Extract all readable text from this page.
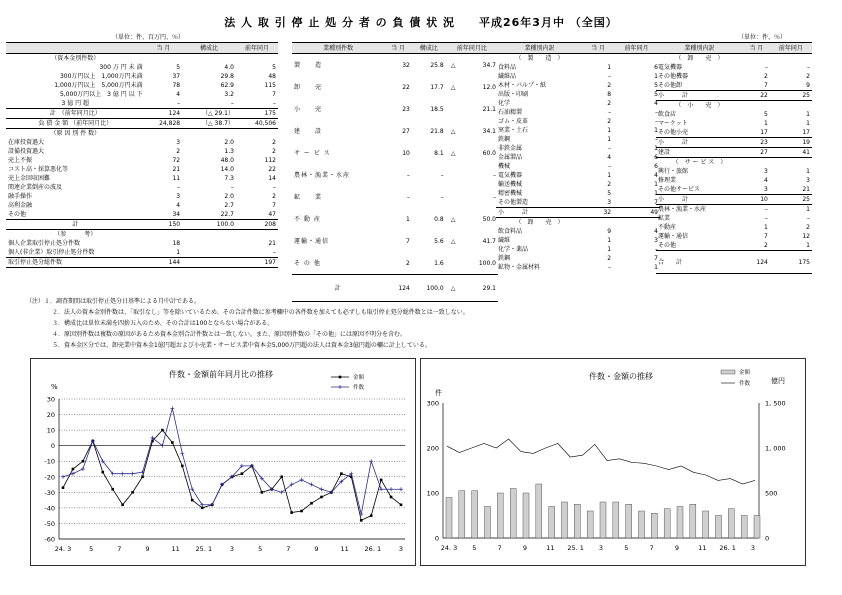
法 人 取 引 停 止 処 分 者 の 負 債 状 況　　平成26年3月中 （全国）
（単位：件、百万円、％）	（単位：件、％）
	当 月	構成比	前年同月
（資本金別件数）			
300 万 円 未 満	5	4.0	5
300万円以上　1,000万円未満	37	29.8	48
1,000万円以上　5,000万円未満	78	62.9	115
5,000万円以上　3 億 円 以 下	4	3.2	7
3 億 円 超	–	–	–
計　（前年同月比）	124	（△ 29.1）	175
負 債 金 額 （前年同月比）	24,828	（△ 38.7）	40,506
（原 因 別 件 数）			
在庫投資過大	3	2.0	2
設備投資過大	2	1.3	2
売上不振	72	48.0	112
コスト高・採算悪化等	21	14.0	22
売上金回収困難	11	7.3	14
関連企業倒産の波及	–	–	–
融手操作	3	2.0	2
高利金融	4	2.7	7
その他	34	22.7	47
計	150	100.0	208
（参　　　考）			
個人企業取引停止処分件数	18		21
個人(非企業）取引停止処分件数	1		–
取引停止処分総件数	144		197
業種別件数	当 月	構成比	前年同月比	
製　　造	32	25.8	△	34.7
卸　　売	22	17.7	△	12.0
小　　売	23	18.5		21.1
建　　設	27	21.8	△	34.1
サ ー ビ ス	10	8.1	△	60.0
農林・漁業・水産	–	–		–
鉱　　業	–	–		–
不 動 産	1	0.8	△	50.0
運輸・通信	7	5.6	△	41.7
そ の 他	2	1.6		100.0
計	124	100.0	△	29.1
業種別内訳	当 月	前年同月
（　製　　造　）		
食料品	1	6
繊維品	–	1
木材・パルプ・紙	2	5
出版・印刷	8	5
化学	2	4
石油精製	–	–
ゴム・皮革	2	–
窯業・土石	1	1
鉄鋼	1	–
非鉄金属	–	1
金属製品	4	6
機械	–	6
電気機器	1	4
輸送機械	2	1
精密機械	5	1
その他製造	3	7
小　　　計	32	49
（　卸　　売　）		
飲食料品	9	4
繊維	1	3
化学・薬品	1	–
鉄鋼	2	7
鉱物・金属材料	–	1
業種別内訳	当 月	前年同月
（　卸　　売　）		
電気機器	–	–
その他機器	2	2
その他卸	7	9
小　　　計	22	25
（　小　　売　）		
飲食店	5	1
マーケット	1	1
その他小売	17	17
小　　　計	23	19
建設	27	41
（　サ ー ビ ス　）		
興行・旅館	3	1
修理業	4	3
その他サービス	3	21
小　　　計	10	25
農林・漁業・水産	–	1
鉱業	–	–
不動産	1	2
運輸・通信	7	12
その他	2	1
合　　計	124	175
（注）１．調査期間は取引停止処分日基準による月中計である。
２．法人の資本金別件数は、「取引なし」等を除いているため、その合計件数に参考欄中の各件数を加えても必ずしも取引停止処分総件数とは一致しない。
３．構成比は単位未満を四捨五入のため、その合計は100とならない場合がある。
４．原因別件数は複数の原因があるため資本金別合計件数とは一致しない。また、原因別件数の「その他」には原因不明分を含む。
５．資本金区分では、卸売業中資本金1億円超および小売業・サービス業中資本金5,000万円超の法人は資本金3億円超の欄に計上している。
件数・金額前年同月比の推移
%
30
20
10
0
-10
-20
-30
-40
-50
-60
24. 3	5	7	9	11 25. 1	3	5	7	9	11 26. 1	3
金額
件数
件数・金額の推移
件
億円
300	1, 500
200	1, 000
100	500
0	0
24. 3 5	7	9	11 25. 1 3	5	7	9	11 26. 1 3
金額
件数
